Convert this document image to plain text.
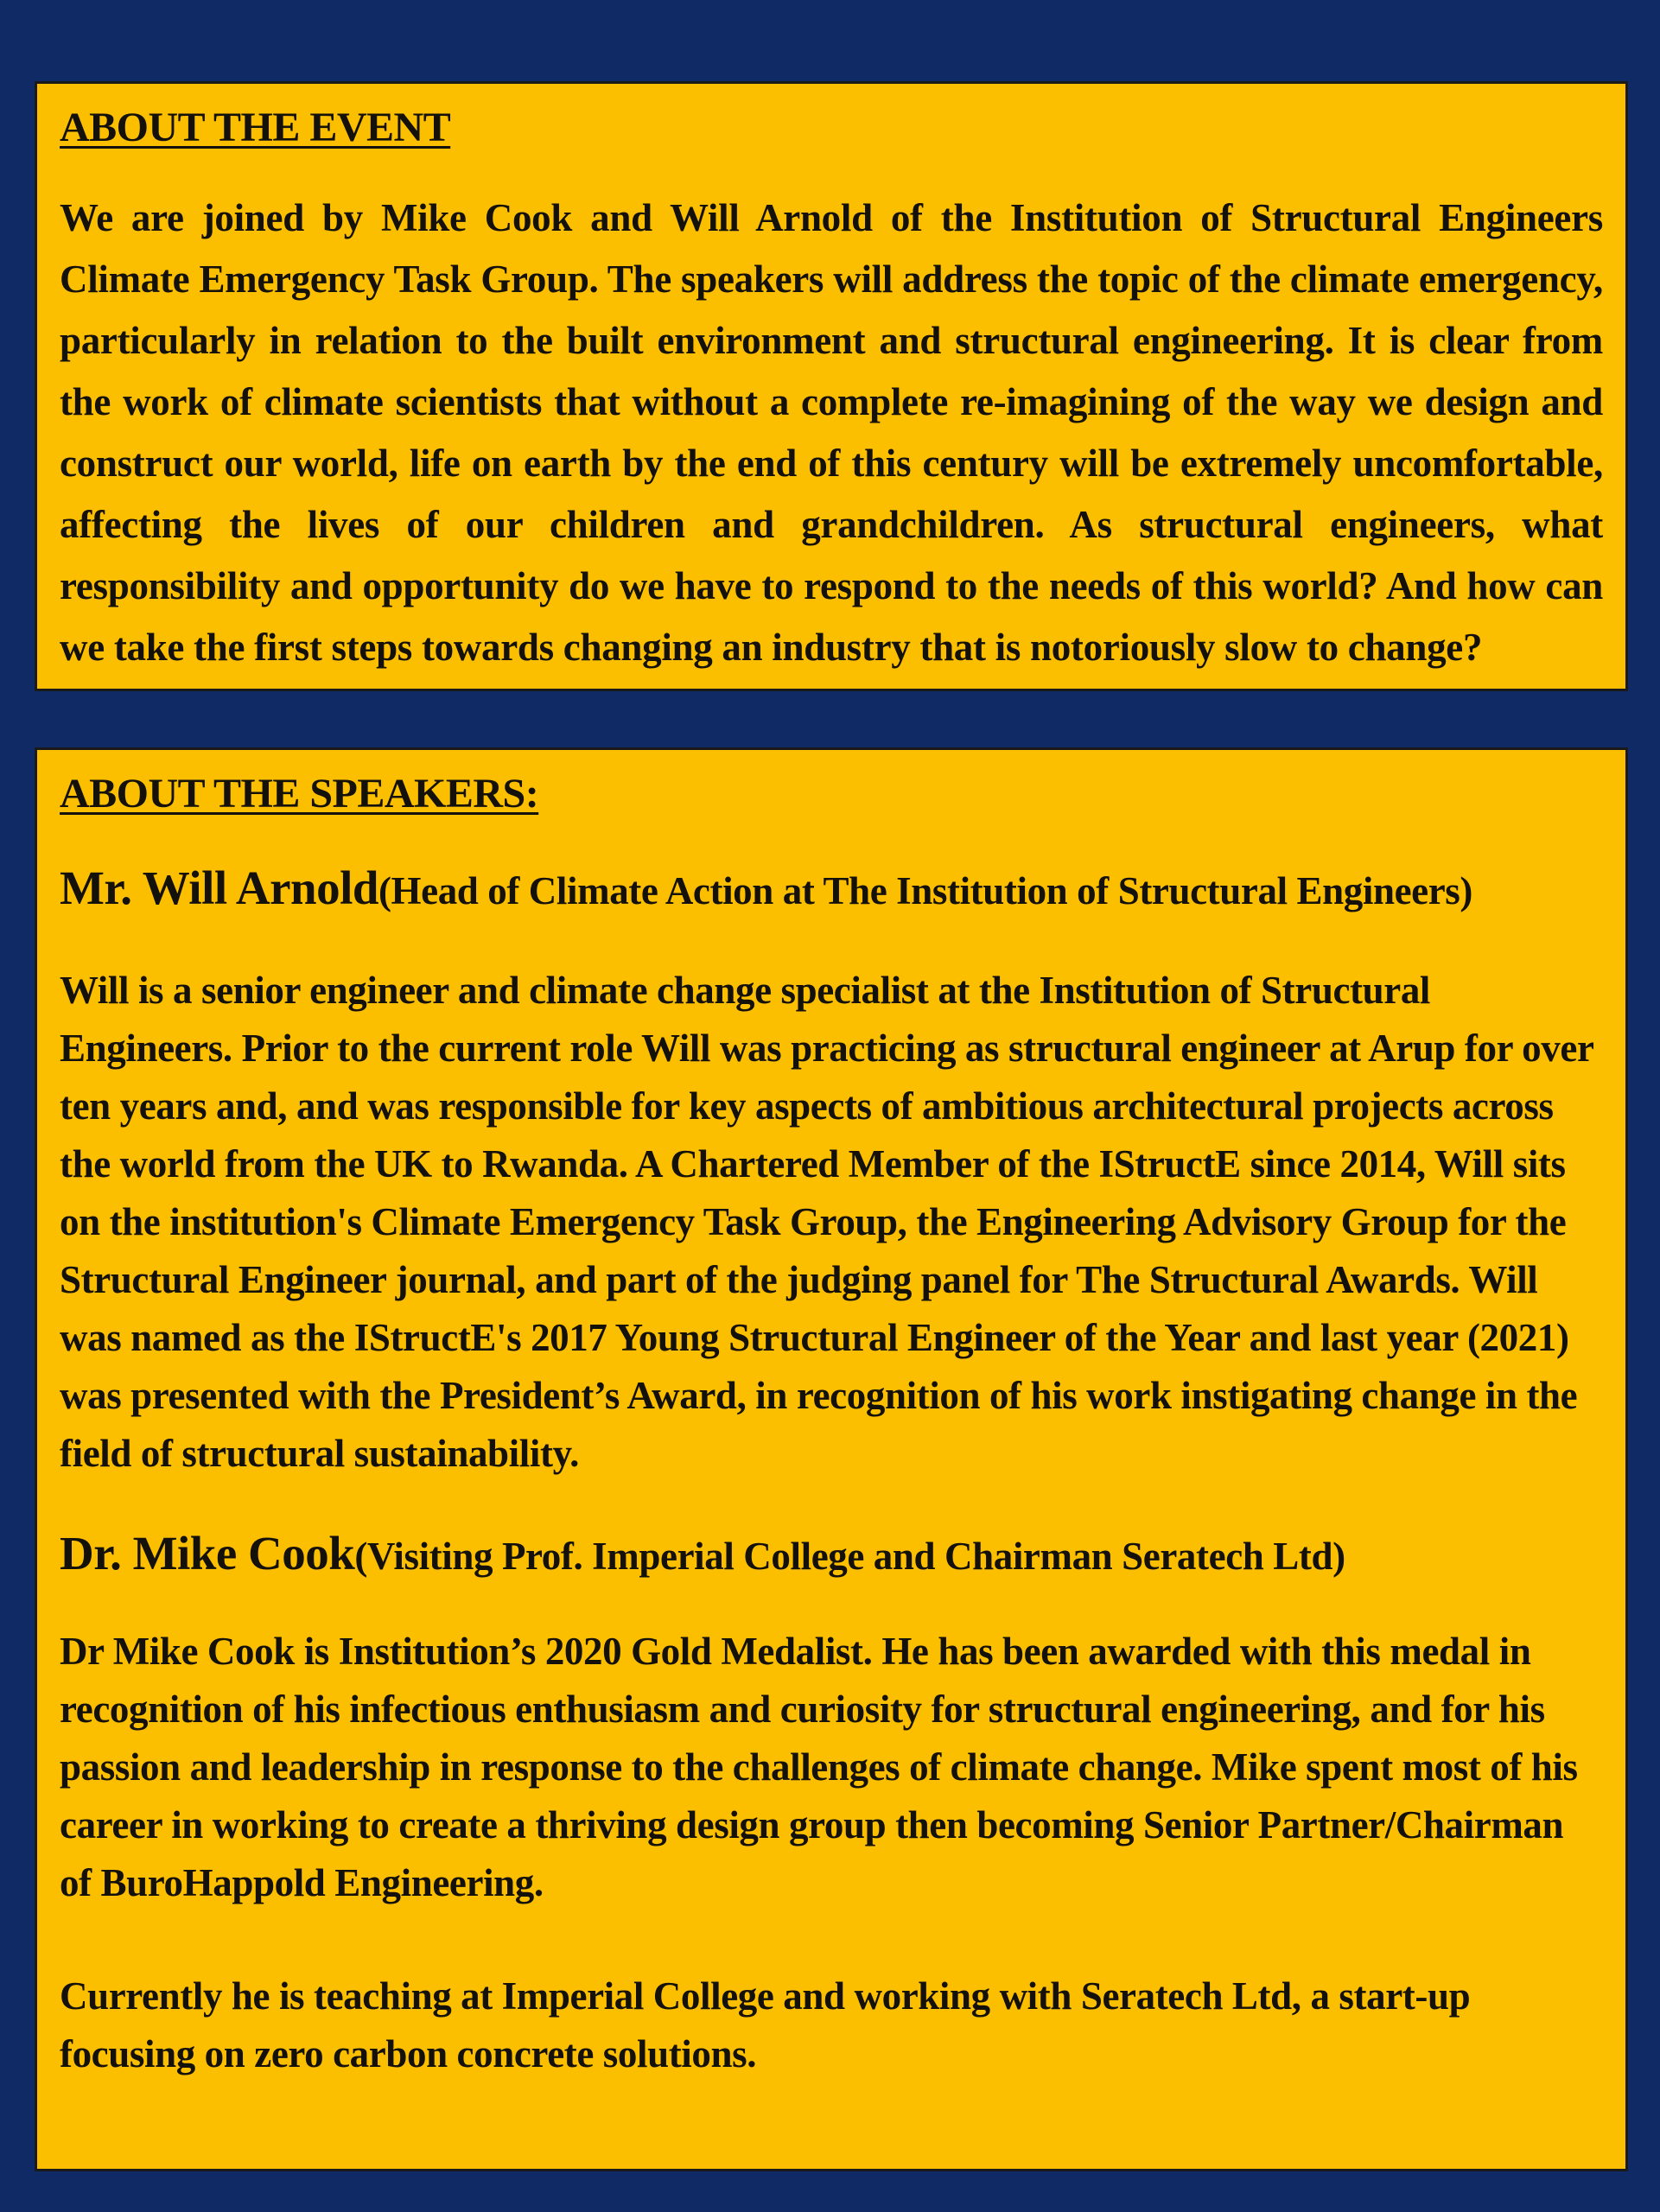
ABOUT THE EVENT

We are joined by Mike Cook and Will Arnold of the Institution of Structural Engineers Climate Emergency Task Group. The speakers will address the topic of the climate emergency, particularly in relation to the built environment and structural engineering. It is clear from the work of climate scientists that without a complete re-imagining of the way we design and construct our world, life on earth by the end of this century will be extremely uncomfortable, affecting the lives of our children and grandchildren. As structural engineers, what responsibility and opportunity do we have to respond to the needs of this world? And how can we take the first steps towards changing an industry that is notoriously slow to change?

ABOUT THE SPEAKERS:
Mr. Will Arnold(Head of Climate Action at The Institution of Structural Engineers)

Will is a senior engineer and climate change specialist at the Institution of Structural Engineers. Prior to the current role Will was practicing as structural engineer at Arup for over ten years and, and was responsible for key aspects of ambitious architectural projects across the world from the UK to Rwanda. A Chartered Member of the IStructE since 2014, Will sits on the institution's Climate Emergency Task Group, the Engineering Advisory Group for the Structural Engineer journal, and part of the judging panel for The Structural Awards. Will was named as the IStructE's 2017 Young Structural Engineer of the Year and last year (2021) was presented with the President’s Award, in recognition of his work instigating change in the field of structural sustainability.

Dr. Mike Cook(Visiting Prof. Imperial College and Chairman Seratech Ltd)

Dr Mike Cook is Institution’s 2020 Gold Medalist. He has been awarded with this medal in recognition of his infectious enthusiasm and curiosity for structural engineering, and for his passion and leadership in response to the challenges of climate change. Mike spent most of his career in working to create a thriving design group then becoming Senior Partner/Chairman of BuroHappold Engineering.

Currently he is teaching at Imperial College and working with Seratech Ltd, a start-up focusing on zero carbon concrete solutions.
